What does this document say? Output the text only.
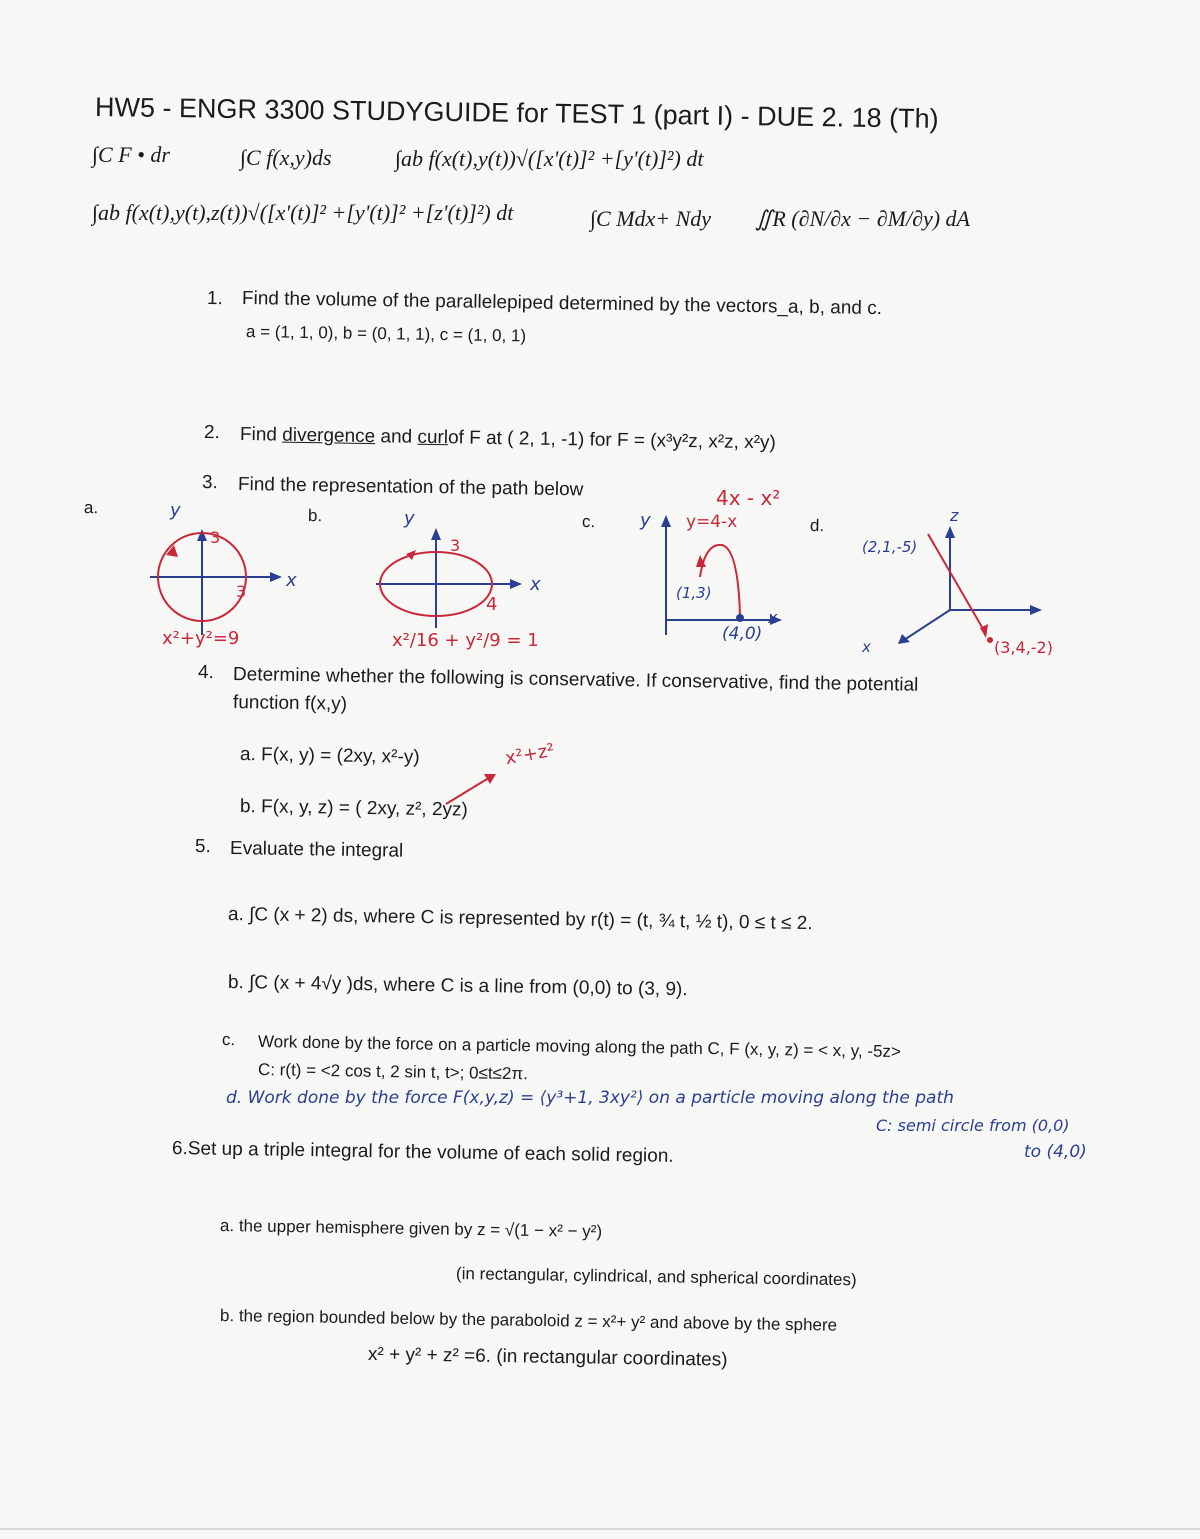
HW5 - ENGR 3300 STUDYGUIDE for TEST 1 (part I) - DUE 2. 18 (Th)
∫C F • dr	∫C f(x,y)ds	∫ab f(x(t),y(t))√([x'(t)]² +[y'(t)]²) dt
∫ab f(x(t),y(t),z(t))√([x'(t)]² +[y'(t)]² +[z'(t)]²) dt	∫C Mdx+ Ndy ∬R (∂N/∂x − ∂M/∂y) dA
1. Find the volume of the parallelepiped determined by the vectors_a, b, and c.
a = (1, 1, 0), b = (0, 1, 1), c = (1, 0, 1)
2. Find divergence and curlof F at ( 2, 1, -1) for F = (x³y²z, x²z, x²y)
3. Find the representation of the path below
a.	b.	c.	d.
y
3
3
x
x²+y²=9
y
3
4
x
x²/16 + y²/9 = 1
y
4x - x²
y=4-x
(1,3)
(4,0)
x
(2,1,-5)
z
x	(3,4,-2)
4. Determine whether the following is conservative. If conservative, find the potential
function f(x,y)
a. F(x, y) = (2xy, x²-y)	x²+z²
b. F(x, y, z) = ( 2xy, z², 2yz)
5. Evaluate the integral
a. ∫C (x + 2) ds, where C is represented by r(t) = (t, ¾ t, ½ t), 0 ≤ t ≤ 2.
b. ∫C (x + 4√y )ds, where C is a line from (0,0) to (3, 9).
c. Work done by the force on a particle moving along the path C, F (x, y, z) = < x, y, -5z>
C: r(t) = <2 cos t, 2 sin t, t>; 0≤t≤2π.
d. Work done by the force F(x,y,z) = ⟨y³+1, 3xy²⟩ on a particle moving along the path
C: semi circle from (0,0)
to (4,0)
6.Set up a triple integral for the volume of each solid region.
a. the upper hemisphere given by z = √(1 − x² − y²)
(in rectangular, cylindrical, and spherical coordinates)
b. the region bounded below by the paraboloid z = x²+ y² and above by the sphere
x² + y² + z² =6. (in rectangular coordinates)
